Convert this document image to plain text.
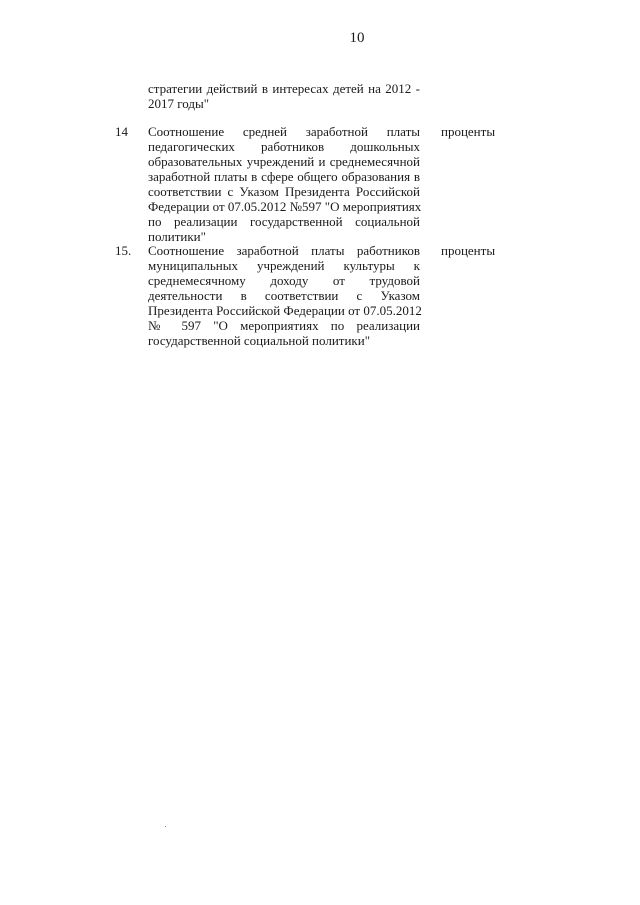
10
стратегии действий в интересах детей на 2012 -
2017 годы"
14 Соотношение средней заработной платы
педагогических работников дошкольных
образовательных учреждений и среднемесячной
заработной платы в сфере общего образования в
соответствии с Указом Президента Российской
Федерации от 07.05.2012 №597 "О мероприятиях
по реализации государственной социальной
политики"
проценты
15. Соотношение заработной платы работников
муниципальных учреждений культуры к
среднемесячному доходу от трудовой
деятельности в соответствии с Указом
Президента Российской Федерации от 07.05.2012
№ 597 "О мероприятиях по реализации
государственной социальной политики"
проценты
